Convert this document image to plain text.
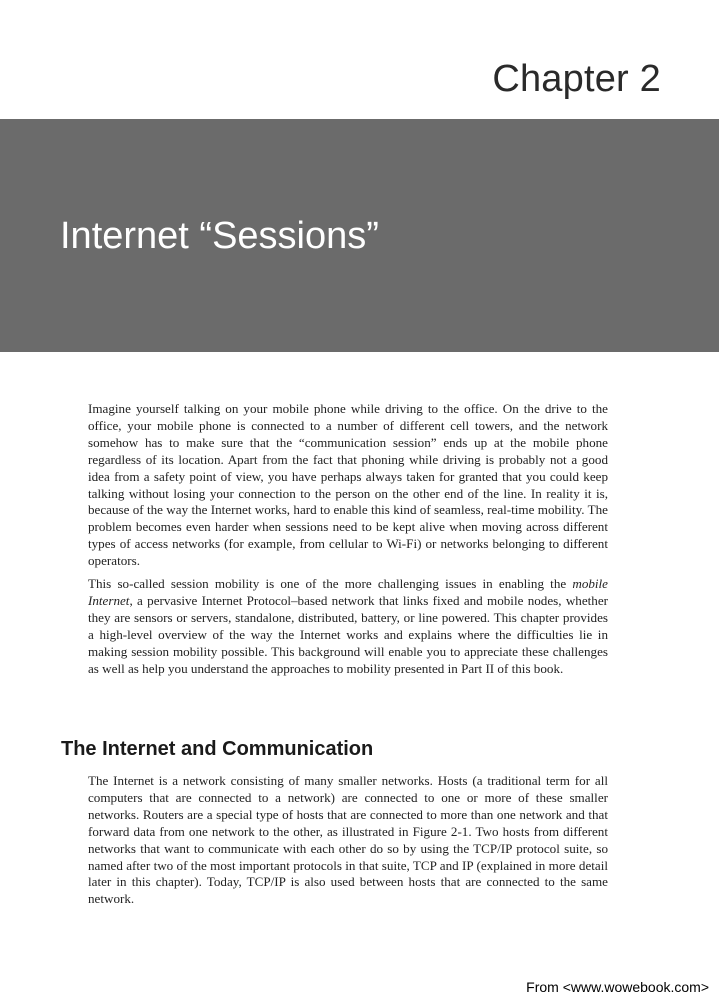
Chapter 2
Internet “Sessions”

Imagine yourself talking on your mobile phone while driving to the office. On the drive to the office, your mobile phone is connected to a number of different cell towers, and the network somehow has to make sure that the “communication session” ends up at the mobile phone regardless of its location. Apart from the fact that phoning while driving is probably not a good idea from a safety point of view, you have perhaps always taken for granted that you could keep talking without losing your connection to the person on the other end of the line. In reality it is, because of the way the Internet works, hard to enable this kind of seamless, real-time mobility. The problem becomes even harder when sessions need to be kept alive when moving across different types of access networks (for example, from cellular to Wi-Fi) or networks belonging to different operators.

This so-called session mobility is one of the more challenging issues in enabling the mobile Internet, a pervasive Internet Protocol–based network that links fixed and mobile nodes, whether they are sensors or servers, standalone, distributed, battery, or line powered. This chapter provides a high-level overview of the way the Internet works and explains where the difficulties lie in making session mobility possible. This background will enable you to appreciate these challenges as well as help you understand the approaches to mobility presented in Part II of this book.

The Internet and Communication

The Internet is a network consisting of many smaller networks. Hosts (a traditional term for all computers that are connected to a network) are connected to one or more of these smaller networks. Routers are a special type of hosts that are connected to more than one network and that forward data from one network to the other, as illustrated in Figure 2-1. Two hosts from different networks that want to communicate with each other do so by using the TCP/IP protocol suite, so named after two of the most important protocols in that suite, TCP and IP (explained in more detail later in this chapter). Today, TCP/IP is also used between hosts that are connected to the same network.

From <www.wowebook.com>
